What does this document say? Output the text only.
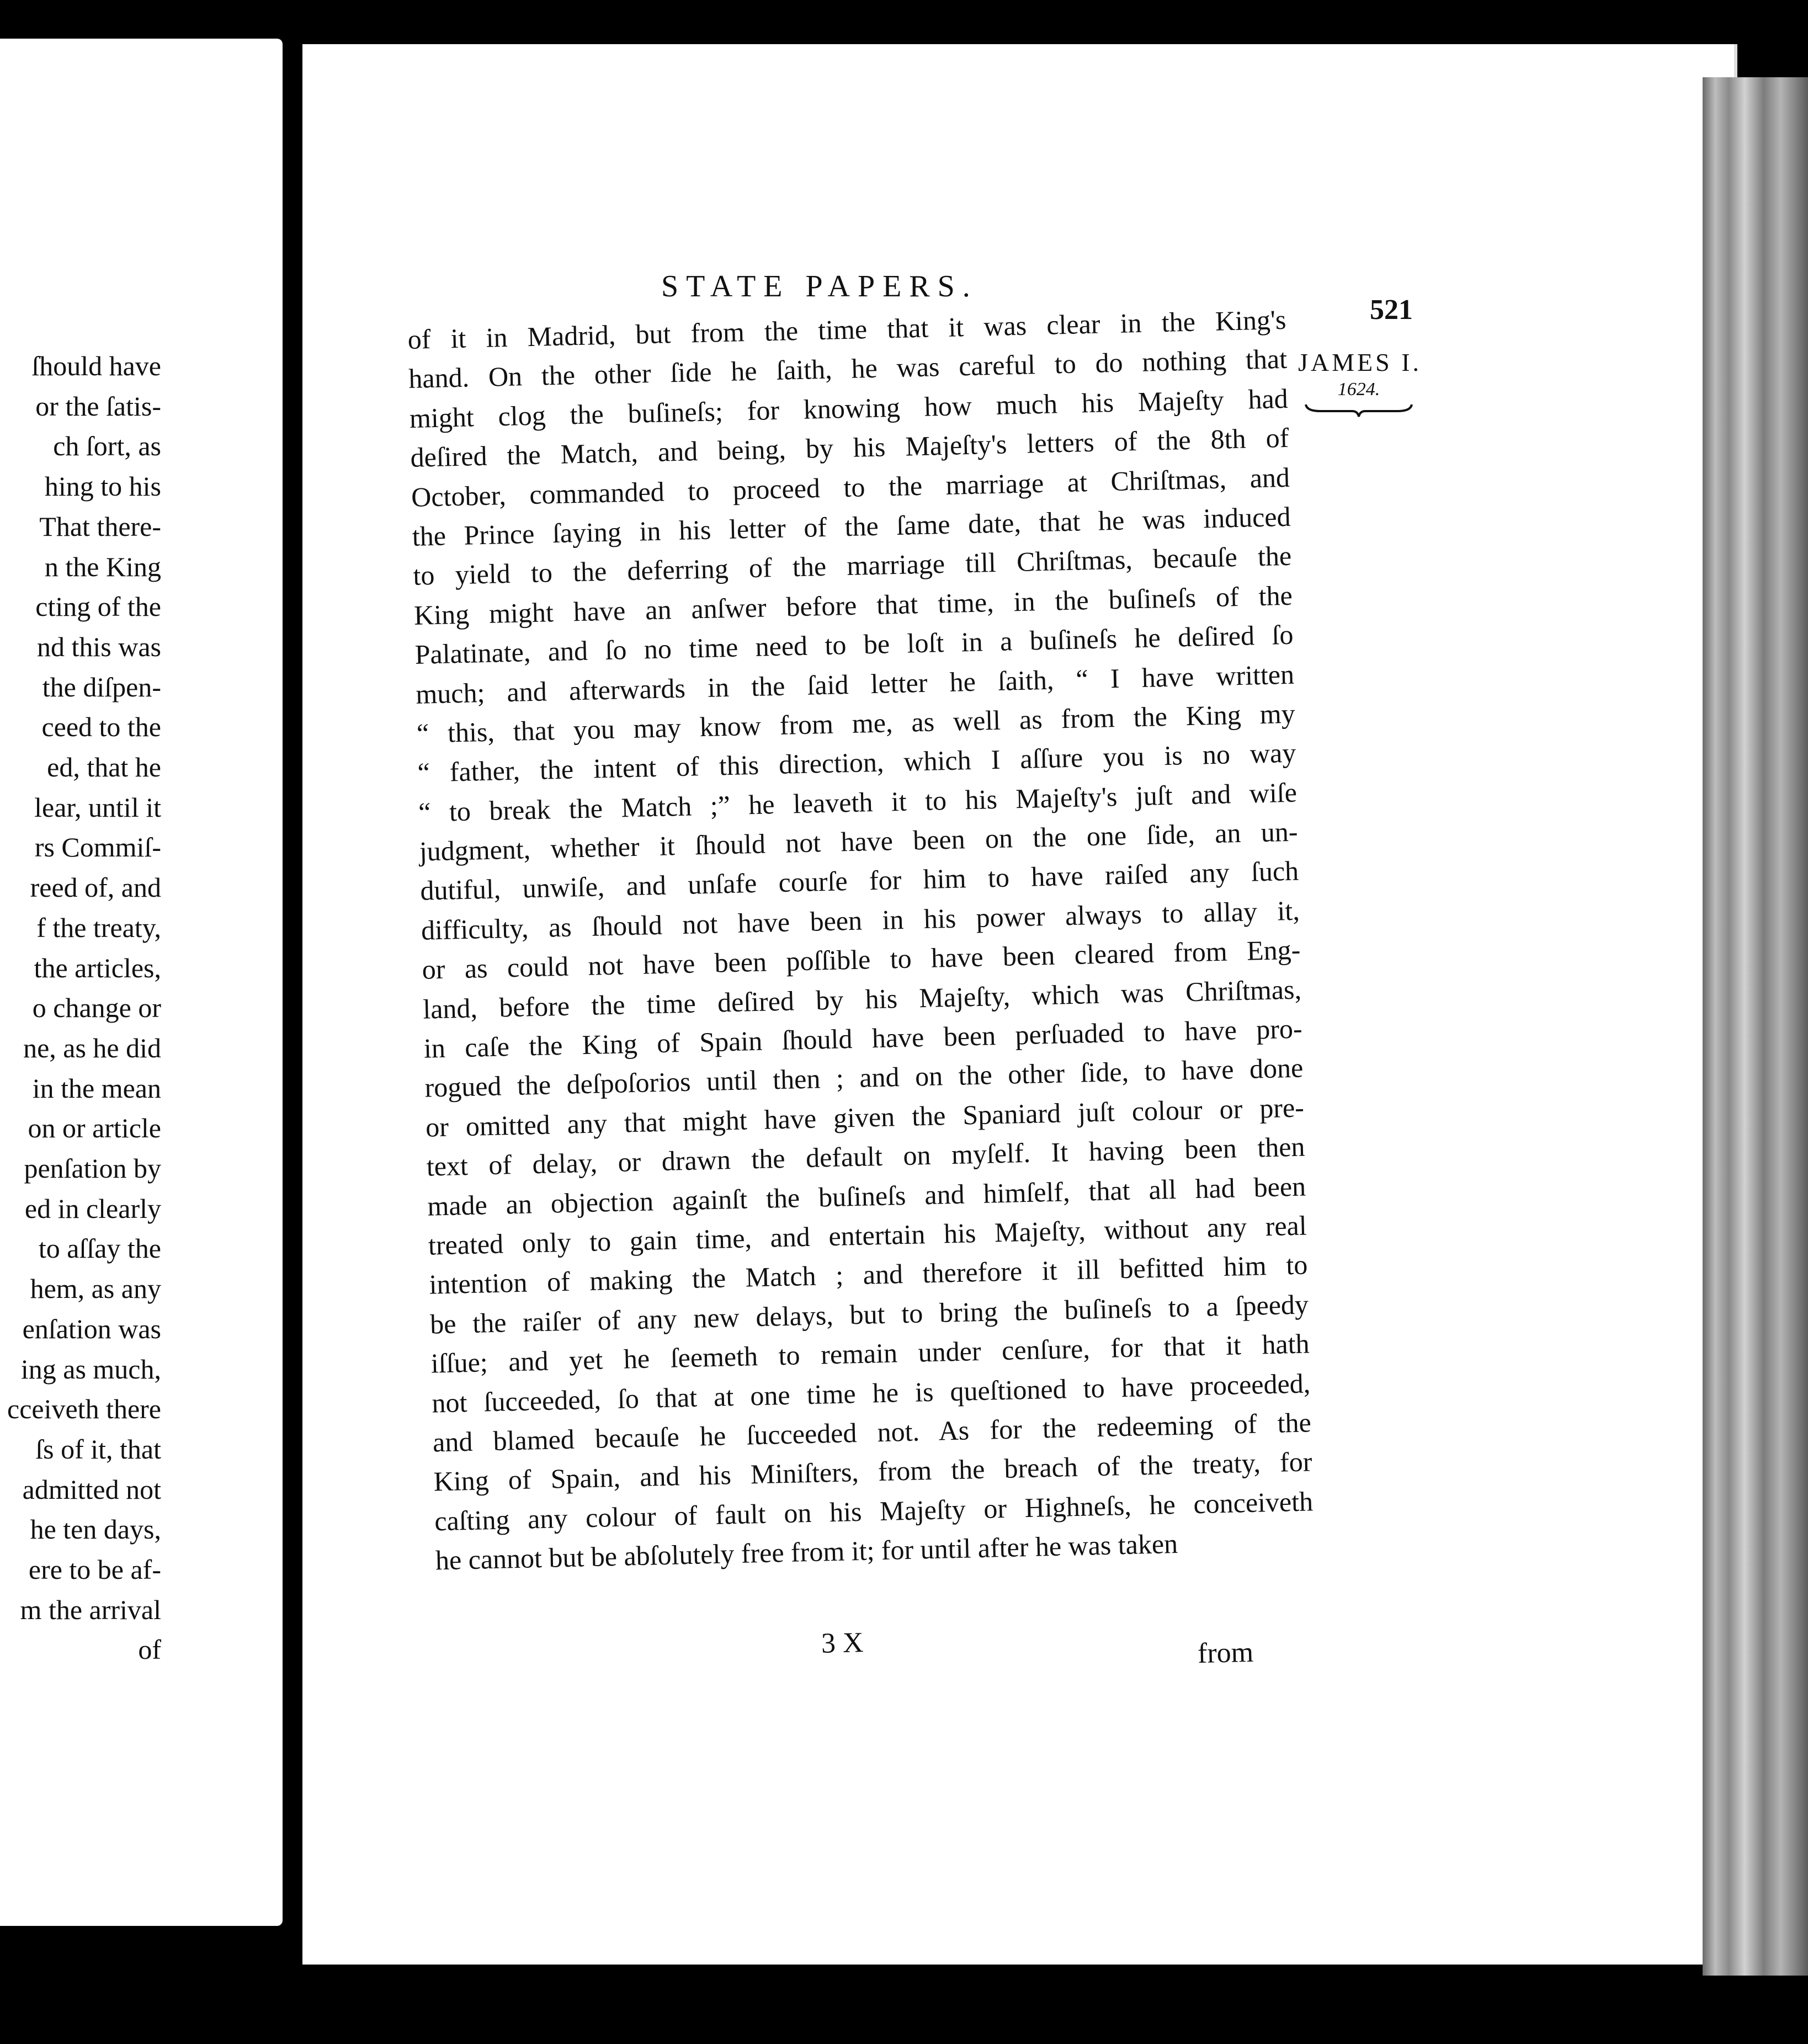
ſhould have
or the ſatis-
ch ſort, as
hing to his
That there-
n the King
cting of the
nd this was
the diſpen-
ceed to the
ed, that he
lear, until it
rs Commiſ-
reed of, and
f the treaty,
the articles,
o change or
ne, as he did
in the mean
on or article
penſation by
ed in clearly
to aſſay the
hem, as any
enſation was
ing as much,
cceiveth there
ſs of it, that
admitted not
he ten days,
ere to be af-
m the arrival
of
STATE PAPERS.
521
JAMES I.
1624.
of it in Madrid, but from the time that it was clear in the King's
hand. On the other ſide he ſaith, he was careful to do nothing that
might clog the buſineſs; for knowing how much his Majeſty had
deſired the Match, and being, by his Majeſty's letters of the 8th of
October, commanded to proceed to the marriage at Chriſtmas, and
the Prince ſaying in his letter of the ſame date, that he was induced
to yield to the deferring of the marriage till Chriſtmas, becauſe the
King might have an anſwer before that time, in the buſineſs of the
Palatinate, and ſo no time need to be loſt in a buſineſs he deſired ſo
much; and afterwards in the ſaid letter he ſaith, “ I have written
“ this, that you may know from me, as well as from the King my
“ father, the intent of this direction, which I aſſure you is no way
“ to break the Match ;” he leaveth it to his Majeſty's juſt and wiſe
judgment, whether it ſhould not have been on the one ſide, an un-
dutiful, unwiſe, and unſafe courſe for him to have raiſed any ſuch
difficulty, as ſhould not have been in his power always to allay it,
or as could not have been poſſible to have been cleared from Eng-
land, before the time deſired by his Majeſty, which was Chriſtmas,
in caſe the King of Spain ſhould have been perſuaded to have pro-
rogued the deſpoſorios until then ; and on the other ſide, to have done
or omitted any that might have given the Spaniard juſt colour or pre-
text of delay, or drawn the default on myſelf. It having been then
made an objection againſt the buſineſs and himſelf, that all had been
treated only to gain time, and entertain his Majeſty, without any real
intention of making the Match ; and therefore it ill befitted him to
be the raiſer of any new delays, but to bring the buſineſs to a ſpeedy
iſſue; and yet he ſeemeth to remain under cenſure, for that it hath
not ſucceeded, ſo that at one time he is queſtioned to have proceeded,
and blamed becauſe he ſucceeded not. As for the redeeming of the
King of Spain, and his Miniſters, from the breach of the treaty, for
caſting any colour of fault on his Majeſty or Highneſs, he conceiveth
he cannot but be abſolutely free from it; for until after he was taken
3 X	from
